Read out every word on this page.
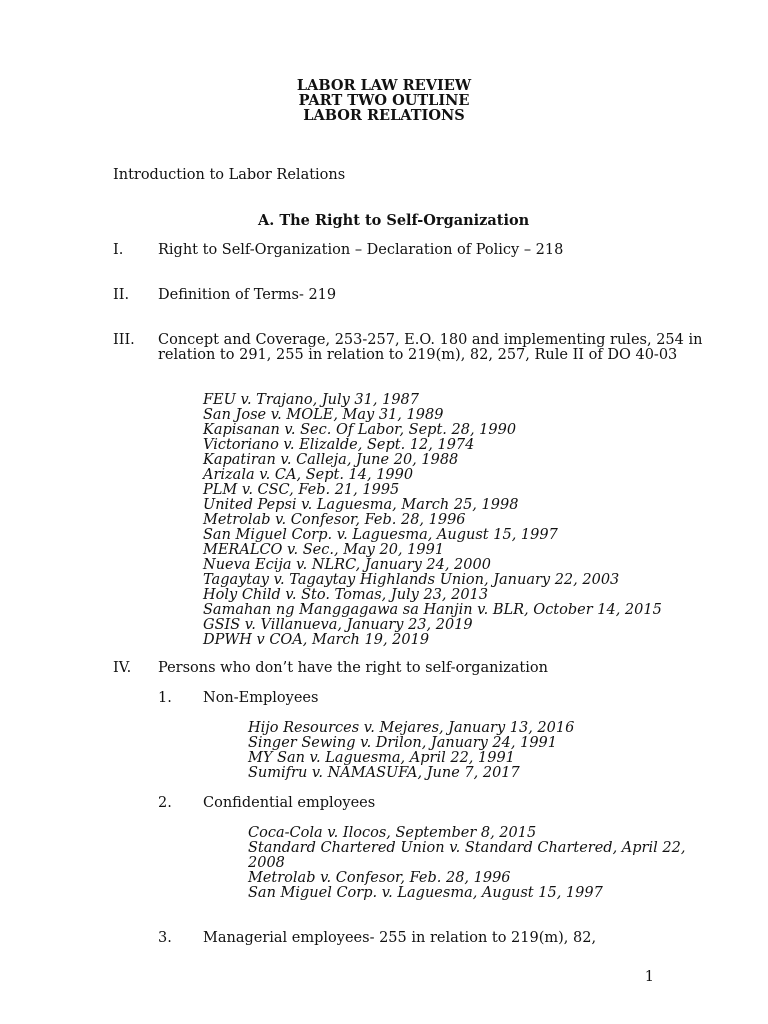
LABOR LAW REVIEW
PART TWO OUTLINE
LABOR RELATIONS
Introduction to Labor Relations
A. The Right to Self-Organization
I. Right to Self-Organization – Declaration of Policy – 218
II. Definition of Terms- 219
III. Concept and Coverage, 253-257, E.O. 180 and implementing rules, 254 in
relation to 291, 255 in relation to 219(m), 82, 257, Rule II of DO 40-03
FEU v. Trajano, July 31, 1987
San Jose v. MOLE, May 31, 1989
Kapisanan v. Sec. Of Labor, Sept. 28, 1990
Victoriano v. Elizalde, Sept. 12, 1974
Kapatiran v. Calleja, June 20, 1988
Arizala v. CA, Sept. 14, 1990
PLM v. CSC, Feb. 21, 1995
United Pepsi v. Laguesma, March 25, 1998
Metrolab v. Confesor, Feb. 28, 1996
San Miguel Corp. v. Laguesma, August 15, 1997
MERALCO v. Sec., May 20, 1991
Nueva Ecija v. NLRC, January 24, 2000
Tagaytay v. Tagaytay Highlands Union, January 22, 2003
Holy Child v. Sto. Tomas, July 23, 2013
Samahan ng Manggagawa sa Hanjin v. BLR, October 14, 2015
GSIS v. Villanueva, January 23, 2019
DPWH v COA, March 19, 2019
IV. Persons who don’t have the right to self-organization
1. Non-Employees
Hijo Resources v. Mejares, January 13, 2016
Singer Sewing v. Drilon, January 24, 1991
MY San v. Laguesma, April 22, 1991
Sumifru v. NAMASUFA, June 7, 2017
2. Confidential employees
Coca-Cola v. Ilocos, September 8, 2015
Standard Chartered Union v. Standard Chartered, April 22,
2008
Metrolab v. Confesor, Feb. 28, 1996
San Miguel Corp. v. Laguesma, August 15, 1997
3. Managerial employees- 255 in relation to 219(m), 82,
1
